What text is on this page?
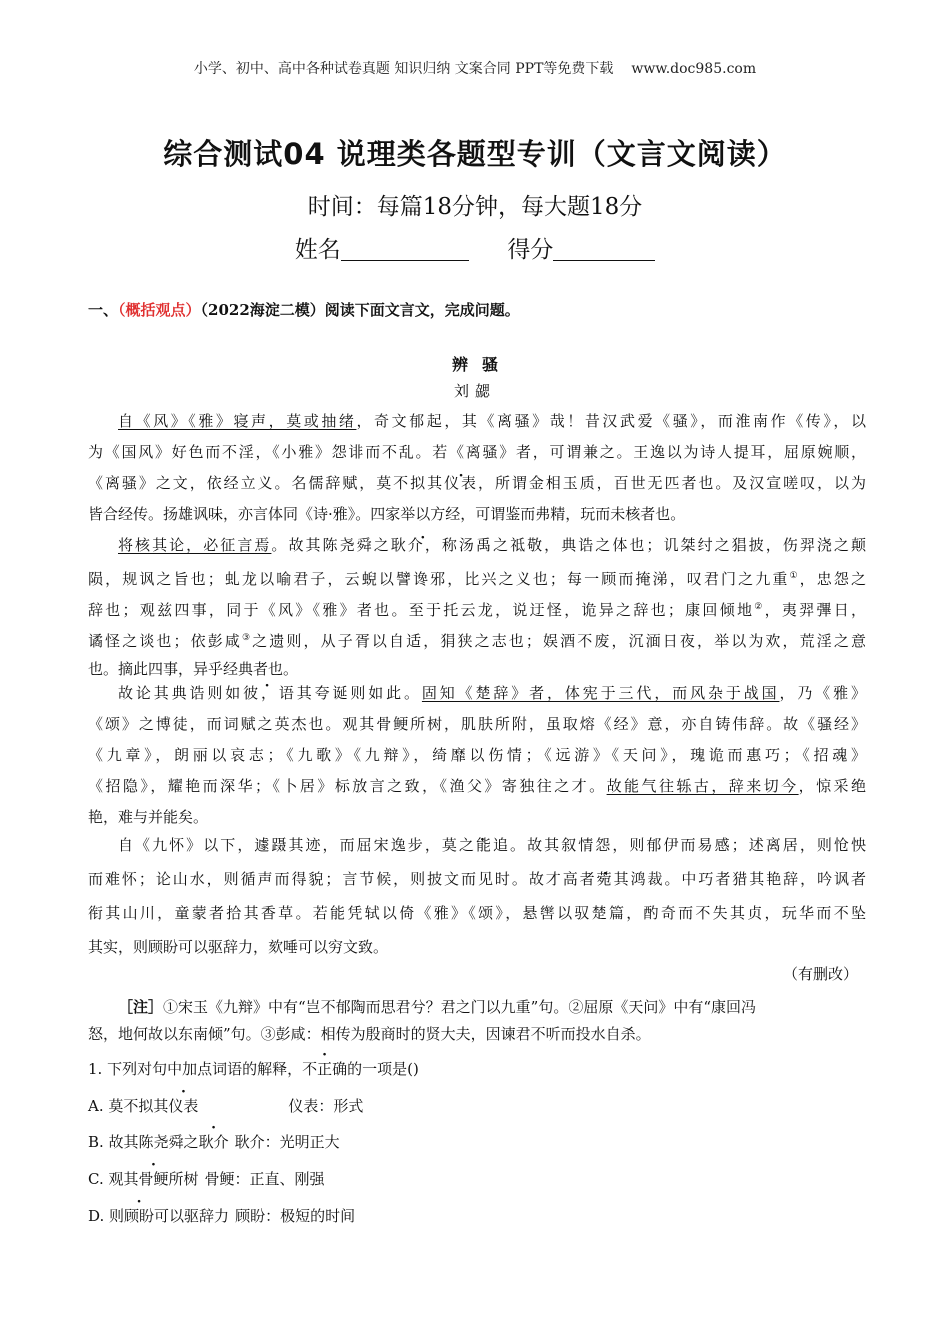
小学、初中、高中各种试卷真题 知识归纳 文案合同 PPT等免费下载 www.doc985.com
综合测试04 说理类各题型专训（文言文阅读）
时间：每篇18分钟，每大题18分
姓名	得分
一、（概括观点）（2022海淀二模）阅读下面文言文，完成问题。
辨骚
刘勰
自《风》《雅》寝声，莫或抽绪，奇文郁起，其《离骚》哉！昔汉武爱《骚》，而淮南作《传》，以
为《国风》好色而不淫，《小雅》怨诽而不乱。若《离骚》者，可谓兼之。王逸以为诗人提耳，屈原婉顺，
《离骚》之文，依经立义。名儒辞赋，莫不拟其仪表，所谓金相玉质，百世无匹者也。及汉宣嗟叹，以为
皆合经传。扬雄讽味，亦言体同《诗·雅》。四家举以方经，可谓鉴而弗精，玩而未核者也。
将核其论，必征言焉。故其陈尧舜之耿介，称汤禹之祗敬，典诰之体也；讥桀纣之猖披，伤羿浇之颠
陨，规讽之旨也；虬龙以喻君子，云蜺以譬谗邪，比兴之义也；每一顾而掩涕，叹君门之九重①，忠怨之
辞也；观兹四事，同于《风》《雅》者也。至于托云龙，说迂怪，诡异之辞也；康回倾地②，夷羿彃日，
谲怪之谈也；依彭咸③之遗则，从子胥以自适，狷狭之志也；娱酒不废，沉湎日夜，举以为欢，荒淫之意
也。摘此四事，异乎经典者也。
故论其典诰则如彼，语其夸诞则如此。固知《楚辞》者，体宪于三代，而风杂于战国，乃《雅》
《颂》之博徒，而词赋之英杰也。观其骨鲠所树，肌肤所附，虽取熔《经》意，亦自铸伟辞。故《骚经》
《九章》，朗丽以哀志；《九歌》《九辩》，绮靡以伤情；《远游》《天问》，瑰诡而惠巧；《招魂》
《招隐》，耀艳而深华；《卜居》标放言之致，《渔父》寄独往之才。故能气往轹古，辞来切今，惊采绝
艳，难与并能矣。
自《九怀》以下，遽蹑其迹，而屈宋逸步，莫之能追。故其叙情怨，则郁伊而易感；述离居，则怆怏
而难怀；论山水，则循声而得貌；言节候，则披文而见时。故才高者菀其鸿裁。中巧者猎其艳辞，吟讽者
衔其山川，童蒙者拾其香草。若能凭轼以倚《雅》《颂》，悬辔以驭楚篇，酌奇而不失其贞，玩华而不坠
其实，则顾盼可以驱辞力，欬唾可以穷文致。
（有删改）
［注］①宋玉《九辩》中有“岂不郁陶而思君兮？君之门以九重”句。②屈原《天问》中有“康回冯
怒，地何故以东南倾”句。③彭咸：相传为殷商时的贤大夫，因谏君不听而投水自杀。
1. 下列对句中加点词语的解释，不正确的一项是()
A. 莫不拟其仪表	仪表：形式
B. 故其陈尧舜之耿介 耿介：光明正大
C. 观其骨鲠所树 骨鲠：正直、刚强
D. 则顾盼可以驱辞力 顾盼：极短的时间
